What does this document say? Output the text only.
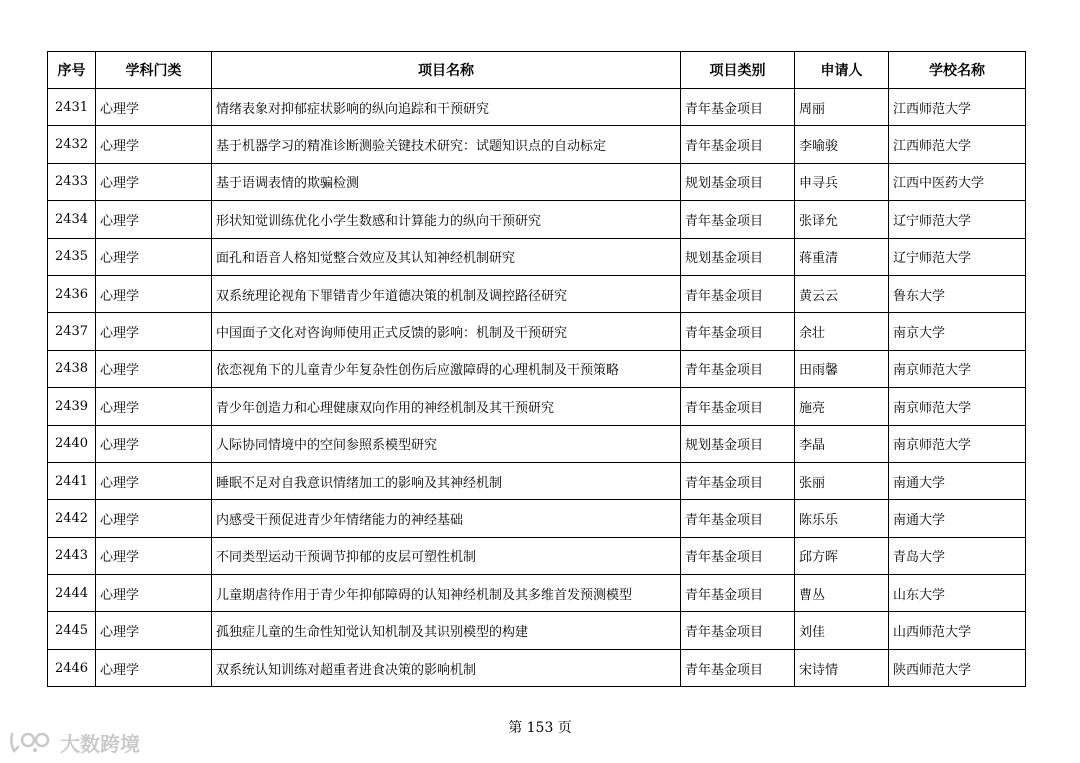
序号	学科门类	项目名称	项目类别	申请人	学校名称
2431	心理学	情绪表象对抑郁症状影响的纵向追踪和干预研究	青年基金项目	周丽	江西师范大学
2432	心理学	基于机器学习的精准诊断测验关键技术研究：试题知识点的自动标定	青年基金项目	李喻骏	江西师范大学
2433	心理学	基于语调表情的欺骗检测	规划基金项目	申寻兵	江西中医药大学
2434	心理学	形状知觉训练优化小学生数感和计算能力的纵向干预研究	青年基金项目	张译允	辽宁师范大学
2435	心理学	面孔和语音人格知觉整合效应及其认知神经机制研究	规划基金项目	蒋重清	辽宁师范大学
2436	心理学	双系统理论视角下罪错青少年道德决策的机制及调控路径研究	青年基金项目	黄云云	鲁东大学
2437	心理学	中国面子文化对咨询师使用正式反馈的影响：机制及干预研究	青年基金项目	余壮	南京大学
2438	心理学	依恋视角下的儿童青少年复杂性创伤后应激障碍的心理机制及干预策略	青年基金项目	田雨馨	南京师范大学
2439	心理学	青少年创造力和心理健康双向作用的神经机制及其干预研究	青年基金项目	施亮	南京师范大学
2440	心理学	人际协同情境中的空间参照系模型研究	规划基金项目	李晶	南京师范大学
2441	心理学	睡眠不足对自我意识情绪加工的影响及其神经机制	青年基金项目	张丽	南通大学
2442	心理学	内感受干预促进青少年情绪能力的神经基础	青年基金项目	陈乐乐	南通大学
2443	心理学	不同类型运动干预调节抑郁的皮层可塑性机制	青年基金项目	邱方晖	青岛大学
2444	心理学	儿童期虐待作用于青少年抑郁障碍的认知神经机制及其多维首发预测模型	青年基金项目	曹丛	山东大学
2445	心理学	孤独症儿童的生命性知觉认知机制及其识别模型的构建	青年基金项目	刘佳	山西师范大学
2446	心理学	双系统认知训练对超重者进食决策的影响机制	青年基金项目	宋诗情	陕西师范大学
第 153 页
大数跨境
